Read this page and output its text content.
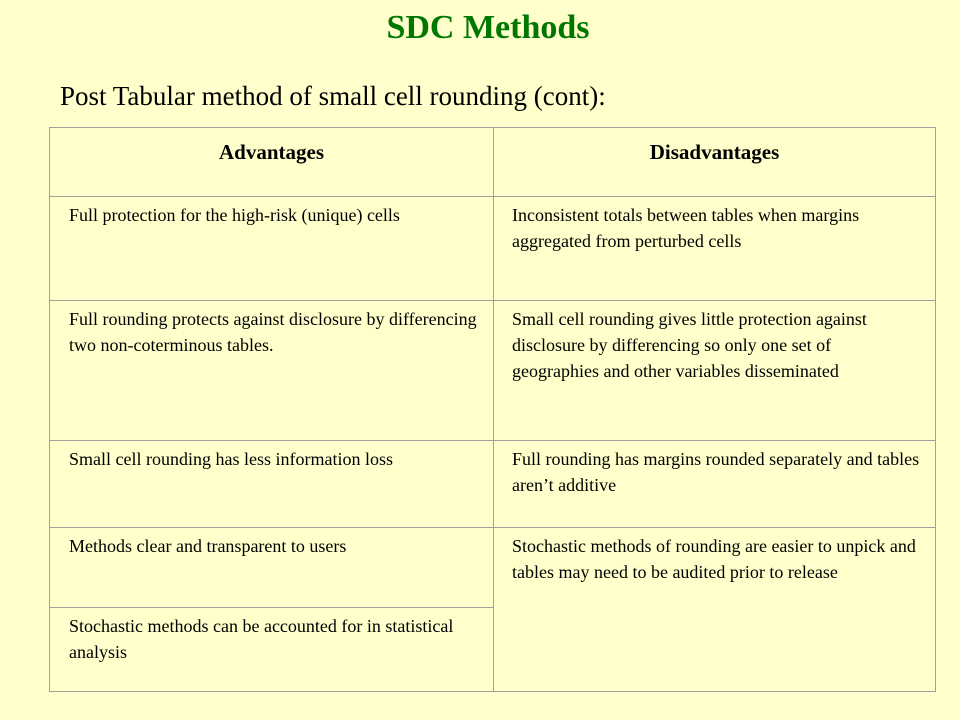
SDC Methods
Post Tabular method of small cell rounding (cont):
Advantages	Disadvantages
Full protection for the high-risk (unique) cells	Inconsistent totals between tables when margins aggregated from perturbed cells
Full rounding protects against disclosure by differencing two non-coterminous tables.	Small cell rounding gives little protection against disclosure by differencing so only one set of geographies and other variables disseminated
Small cell rounding has less information loss	Full rounding has margins rounded separately and tables aren’t additive
Methods clear and transparent to users	Stochastic methods of rounding are easier to unpick and tables may need to be audited prior to release
Stochastic methods can be accounted for in statistical analysis	
